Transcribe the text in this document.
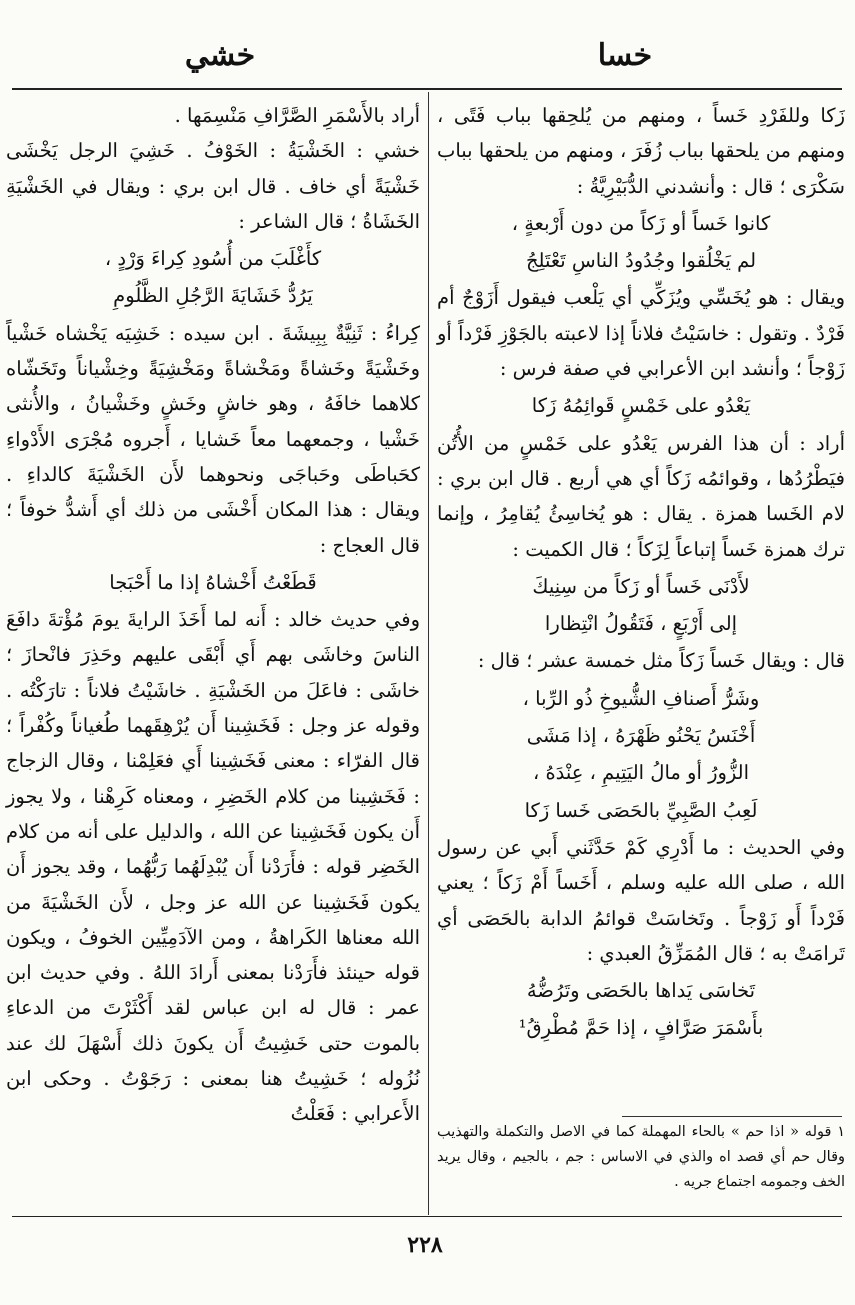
خسا
خشي

زَكا وللفَرْدِ خَساً ، ومنهم من يُلحِقها بباب فَتًى ، ومنهم من يلحقها بباب زُفَرَ ، ومنهم من يلحقها بباب سَكْرَى ؛ قال : وأنشدني الدُّبَيْرِيَّةُ :

كانوا خَساً أو زَكاً من دون أَرْبعةٍ ،

لم يَخْلُقوا وجُدُودُ الناسِ تَعْتَلِجُ

ويقال : هو يُخَسِّي ويُزَكِّي أي يَلْعب فيقول أَزَوْجٌ أم فَرْدٌ . وتقول : خاسَيْتُ فلاناً إذا لاعبته بالجَوْزِ فَرْداً أو زَوْجاً ؛ وأنشد ابن الأعرابي في صفة فرس :

يَعْدُو على خَمْسٍ قَوائِمُهُ زَكا

أراد : أن هذا الفرس يَعْدُو على خَمْسٍ من الأُتُن فيَطْرُدُها ، وقوائمُه زَكاً أي هي أربع . قال ابن بري : لام الخَسا همزة . يقال : هو يُخاسِئُ يُقامِرُ ، وإنما ترك همزة خَساً إتباعاً لِزَكاً ؛ قال الكميت :

لأَدْنَى خَساً أو زَكاً من سِنِيكَ

إلى أَرْبَعٍ ، فَتَقُولُ انْتِظارا

قال : ويقال خَساً زَكاً مثل خمسة عشر ؛ قال :

وشَرُّ أَصنافِ الشُّيوخِ ذُو الرِّبا ،

أَخْنَسُ يَحْنُو ظَهْرَهُ ، إذا مَشَى

الزُّورُ أو مالُ اليَتِيمِ ، عِنْدَهُ ،

لَعِبُ الصَّبِيِّ بالحَصَى خَسا زَكا

وفي الحديث : ما أَدْرِي كَمْ حَدَّثَني أَبي عن رسول الله ، صلى الله عليه وسلم ، أَخَساً أَمْ زَكاً ؛ يعني فَرْداً أَو زَوْجاً . وتَخاسَتْ قوائمُ الدابة بالحَصَى أي تَرامَتْ به ؛ قال المُمَزِّقُ العبدي :

تَخاسَى يَداها بالحَصَى وتَرُضُّهُ

بأَسْمَرَ صَرَّافٍ ، إذا حَمَّ مُطْرِقُ¹

١ قوله « اذا حم » بالحاء المهملة كما في الاصل والتكملة والتهذيب وقال حم أي قصد اه والذي في الاساس : جم ، بالجيم ، وقال يريد الخف وجمومه اجتماع جريه .

أراد بالأَسْمَرِ الصَّرَّافِ مَنْسِمَها .

خشي : الخَشْيَةُ : الخَوْفُ . خَشِيَ الرجل يَخْشَى خَشْيَةً أي خاف . قال ابن بري : ويقال في الخَشْيَةِ الخَشَاةُ ؛ قال الشاعر :

كأَغْلَبَ من أُسُودِ كِراءَ وَرْدٍ ،

يَرُدُّ خَشَايَةَ الرَّجُلِ الظَّلُومِ

كِراءُ : ثَنِيَّةٌ بِبِيشَةَ . ابن سيده : خَشِيَه يَخْشاه خَشْياً وخَشْيَةً وخَشاةً ومَخْشاةً ومَخْشِيَةً وخِشْياناً وتَخَشّاه كلاهما خافَهُ ، وهو خاشٍ وخَشٍ وخَشْيانُ ، والأُنثى خَشْيا ، وجمعهما معاً خَشايا ، أَجروه مُجْرَى الأَدْواءِ كحَباطَى وحَباجَى ونحوهما لأَن الخَشْيَةَ كالداءِ . ويقال : هذا المكان أَخْشَى من ذلك أي أَشدُّ خوفاً ؛ قال العجاج :

قَطَعْتُ أَخْشاهُ إذا ما أَحْبَجا

وفي حديث خالد : أَنه لما أَخَذَ الرايةَ يومَ مُؤْتةَ دافَعَ الناسَ وخاشَى بهم أَي أَبْقَى عليهم وحَذِرَ فانْحازَ ؛ خاشَى : فاعَلَ من الخَشْيَةِ . خاشَيْتُ فلاناً : تارَكْتُه . وقوله عز وجل : فَخَشِينا أَن يُرْهِقَهما طُغياناً وكُفْراً ؛ قال الفرّاء : معنى فَخَشِينا أَي فعَلِمْنا ، وقال الزجاج : فَخَشِينا من كلام الخَضِرِ ، ومعناه كَرِهْنا ، ولا يجوز أَن يكون فَخَشِينا عن الله ، والدليل على أنه من كلام الخَضِر قوله : فأَرَدْنا أَن يُبْدِلَهُما رَبُّهُما ، وقد يجوز أَن يكون فَخَشِينا عن الله عز وجل ، لأَن الخَشْيَةَ من الله معناها الكَراهةُ ، ومن الآدَمِيِّين الخوفُ ، ويكون قوله حينئذ فأَرَدْنا بمعنى أَرادَ اللهُ . وفي حديث ابن عمر : قال له ابن عباس لقد أَكْثَرْتَ من الدعاءِ بالموت حتى خَشِيتُ أَن يكونَ ذلك أَسْهَلَ لك عند نُزُوله ؛ خَشِيتُ هنا بمعنى : رَجَوْتُ . وحكى ابن الأَعرابي : فَعَلْتُ

٢٢٨
